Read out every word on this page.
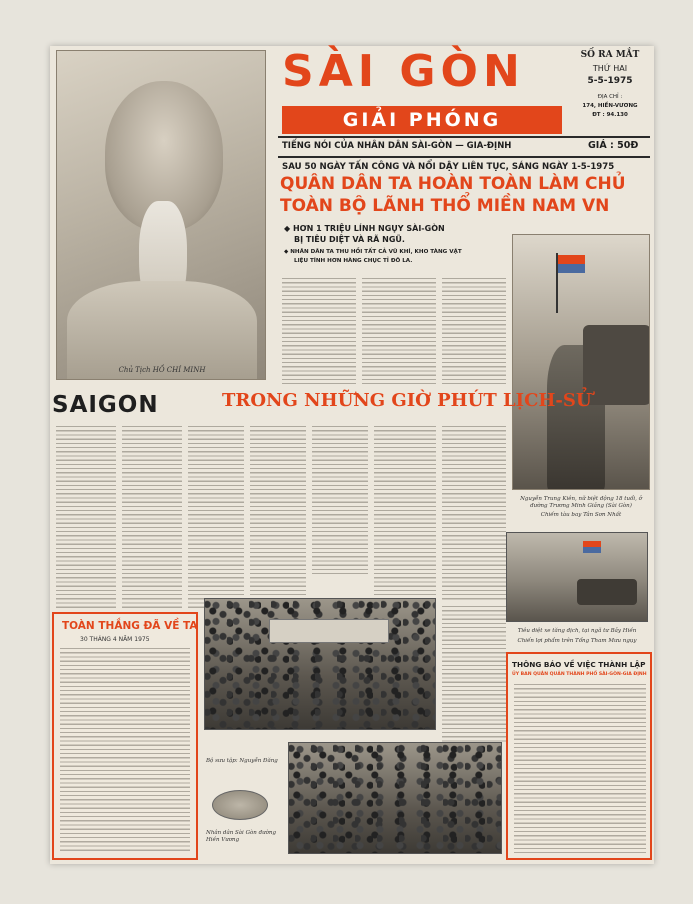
Chủ Tịch HỒ CHÍ MINH
SÀI GÒN
GIẢI PHÓNG
SỐ RA MẮT
THỨ HAI
5-5-1975
ĐỊA CHỈ :
174, HIỀN-VƯƠNG
ĐT : 94.130
TIẾNG NÓI CỦA NHÂN DÂN SÀI-GÒN — GIA-ĐỊNH	GIÁ : 50Đ
SAU 50 NGÀY TẤN CÔNG VÀ NỔI DẬY LIÊN TỤC, SÁNG NGÀY 1-5-1975
QUÂN DÂN TA HOÀN TOÀN LÀM CHỦ
TOÀN BỘ LÃNH THỔ MIỀN NAM VN
◆ HƠN 1 TRIỆU LÍNH NGỤY SÀI-GÒN
BỊ TIÊU DIỆT VÀ RÃ NGŨ.
◆ NHÂN DÂN TA THU HỒI TẤT CẢ VŨ KHÍ, KHO TÀNG VẬT
LIỆU TÍNH HƠN HÀNG CHỤC TỈ ĐÔ LA.
Nguyễn Trung Kiên, nữ biệt động 18 tuổi, ở đường Trương Minh Giảng (Sài Gòn)
Chiếm tàu bay Tân Sơn Nhất
SAIGON	TRONG NHỮNG GIỜ PHÚT LỊCH-SỬ
Tiêu diệt xe tăng địch, tại ngã tư Bảy Hiền
Chiến lợi phẩm trên Tổng Tham Mưu ngụy
TOÀN THẮNG ĐÃ VỀ TA
30 THÁNG 4 NĂM 1975
Nhân dân Sài Gòn đường Hiền Vương
Bộ sưu tập: Nguyễn Đăng
THÔNG BÁO VỀ VIỆC THÀNH LẬP
ỦY BAN QUÂN QUẢN THÀNH PHỐ SÀI-GÒN-GIA ĐỊNH
